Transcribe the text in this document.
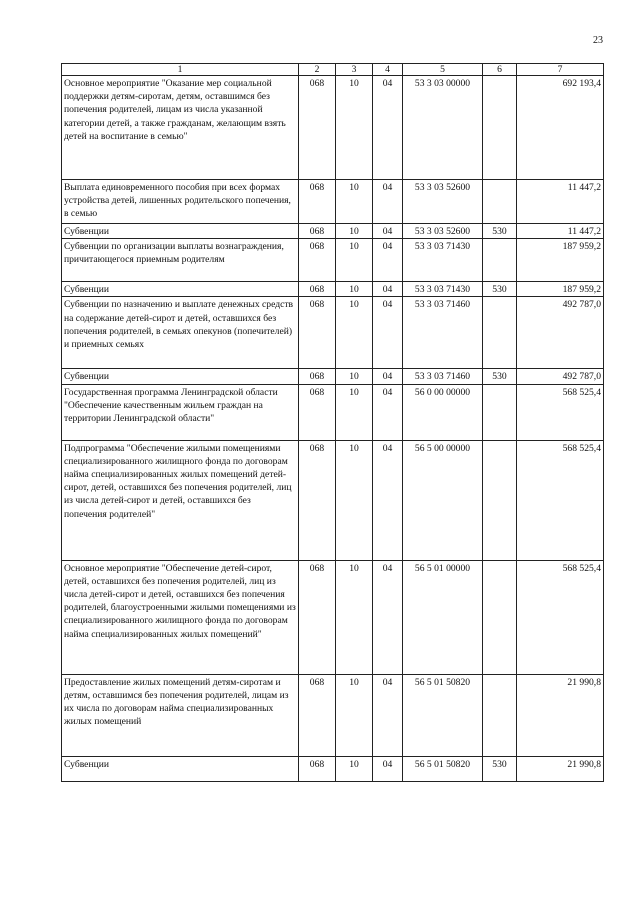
23
1	2	3	4	5	6	7
Основное мероприятие "Оказание мер социальной поддержки детям-сиротам, детям, оставшимся без попечения родителей, лицам из числа указанной категории детей, а также гражданам, желающим взять детей на воспитание в семью"	068	10	04	53 3 03 00000		692 193,4
Выплата единовременного пособия при всех формах устройства детей, лишенных родительского попечения, в семью	068	10	04	53 3 03 52600		11 447,2
Субвенции	068	10	04	53 3 03 52600	530	11 447,2
Субвенции по организации выплаты вознаграждения, причитающегося приемным родителям	068	10	04	53 3 03 71430		187 959,2
Субвенции	068	10	04	53 3 03 71430	530	187 959,2
Субвенции по назначению и выплате денежных средств на содержание детей-сирот и детей, оставшихся без попечения родителей, в семьях опекунов (попечителей) и приемных семьях	068	10	04	53 3 03 71460		492 787,0
Субвенции	068	10	04	53 3 03 71460	530	492 787,0
Государственная программа Ленинградской области "Обеспечение качественным жильем граждан на территории Ленинградской области"	068	10	04	56 0 00 00000		568 525,4
Подпрограмма "Обеспечение жилыми помещениями специализированного жилищного фонда по договорам найма специализированных жилых помещений детей-сирот, детей, оставшихся без попечения родителей, лиц из числа детей-сирот и детей, оставшихся без попечения родителей"	068	10	04	56 5 00 00000		568 525,4
Основное мероприятие "Обеспечение детей-сирот, детей, оставшихся без попечения родителей, лиц из числа детей-сирот и детей, оставшихся без попечения родителей, благоустроенными жилыми помещениями из специализированного жилищного фонда по договорам найма специализированных жилых помещений"	068	10	04	56 5 01 00000		568 525,4
Предоставление жилых помещений детям-сиротам и детям, оставшимся без попечения родителей, лицам из их числа по договорам найма специализированных жилых помещений	068	10	04	56 5 01 50820		21 990,8
Субвенции	068	10	04	56 5 01 50820	530	21 990,8
